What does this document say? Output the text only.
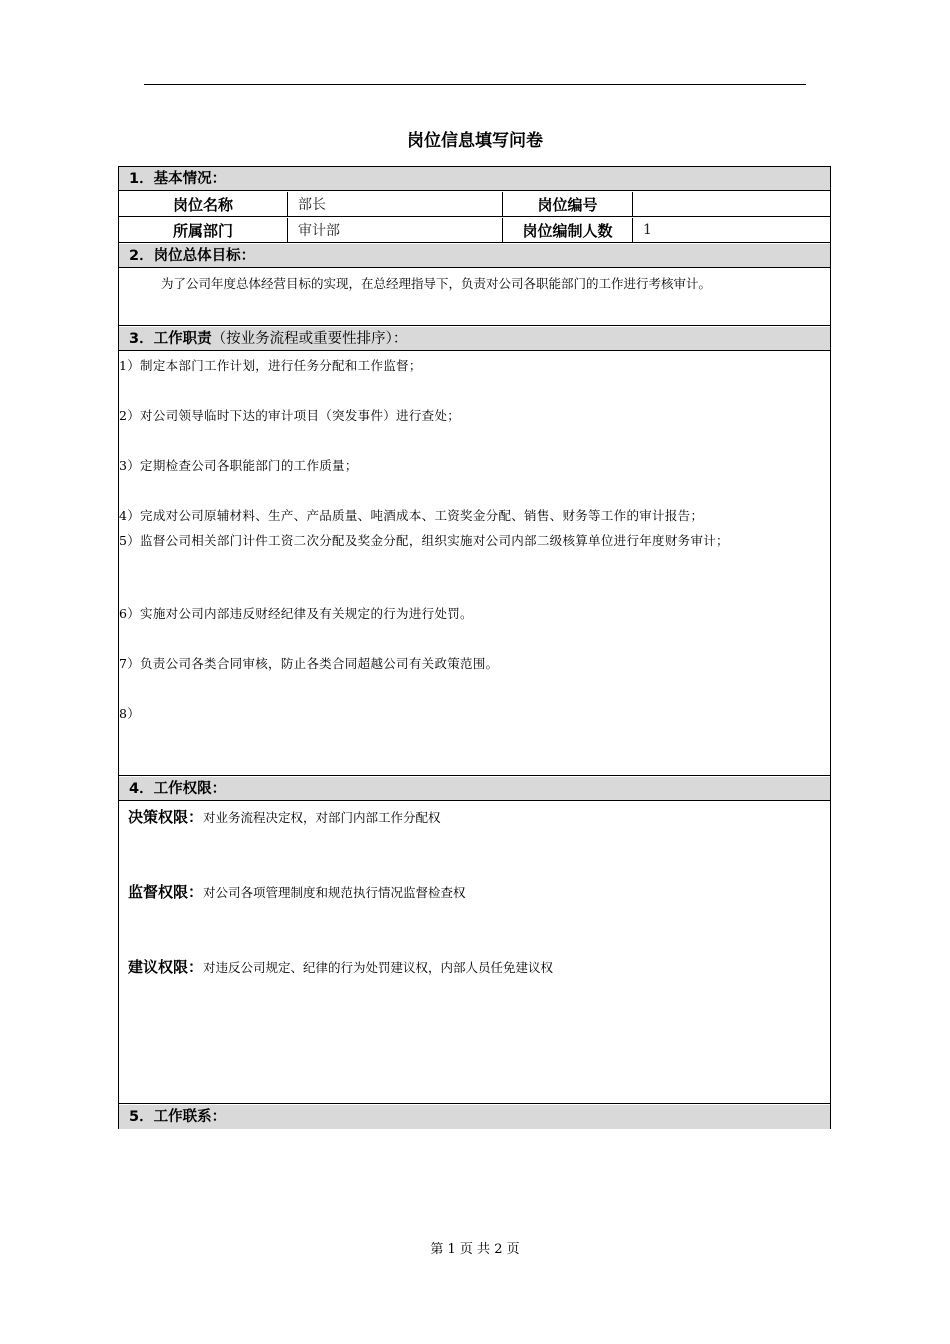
岗位信息填写问卷
1．基本情况：
岗位名称	部长	岗位编号
所属部门	审计部	岗位编制人数	1
2．岗位总体目标：
为了公司年度总体经营目标的实现，在总经理指导下，负责对公司各职能部门的工作进行考核审计。
3．工作职责（按业务流程或重要性排序）：
1）制定本部门工作计划，进行任务分配和工作监督；
2）对公司领导临时下达的审计项目（突发事件）进行查处；
3）定期检查公司各职能部门的工作质量；
4）完成对公司原辅材料、生产、产品质量、吨酒成本、工资奖金分配、销售、财务等工作的审计报告；
5）监督公司相关部门计件工资二次分配及奖金分配，组织实施对公司内部二级核算单位进行年度财务审计；
6）实施对公司内部违反财经纪律及有关规定的行为进行处罚。
7）负责公司各类合同审核，防止各类合同超越公司有关政策范围。
8）
4．工作权限：
决策权限：对业务流程决定权，对部门内部工作分配权
监督权限：对公司各项管理制度和规范执行情况监督检查权
建议权限：对违反公司规定、纪律的行为处罚建议权，内部人员任免建议权
5．工作联系：
第 1 页 共 2 页
